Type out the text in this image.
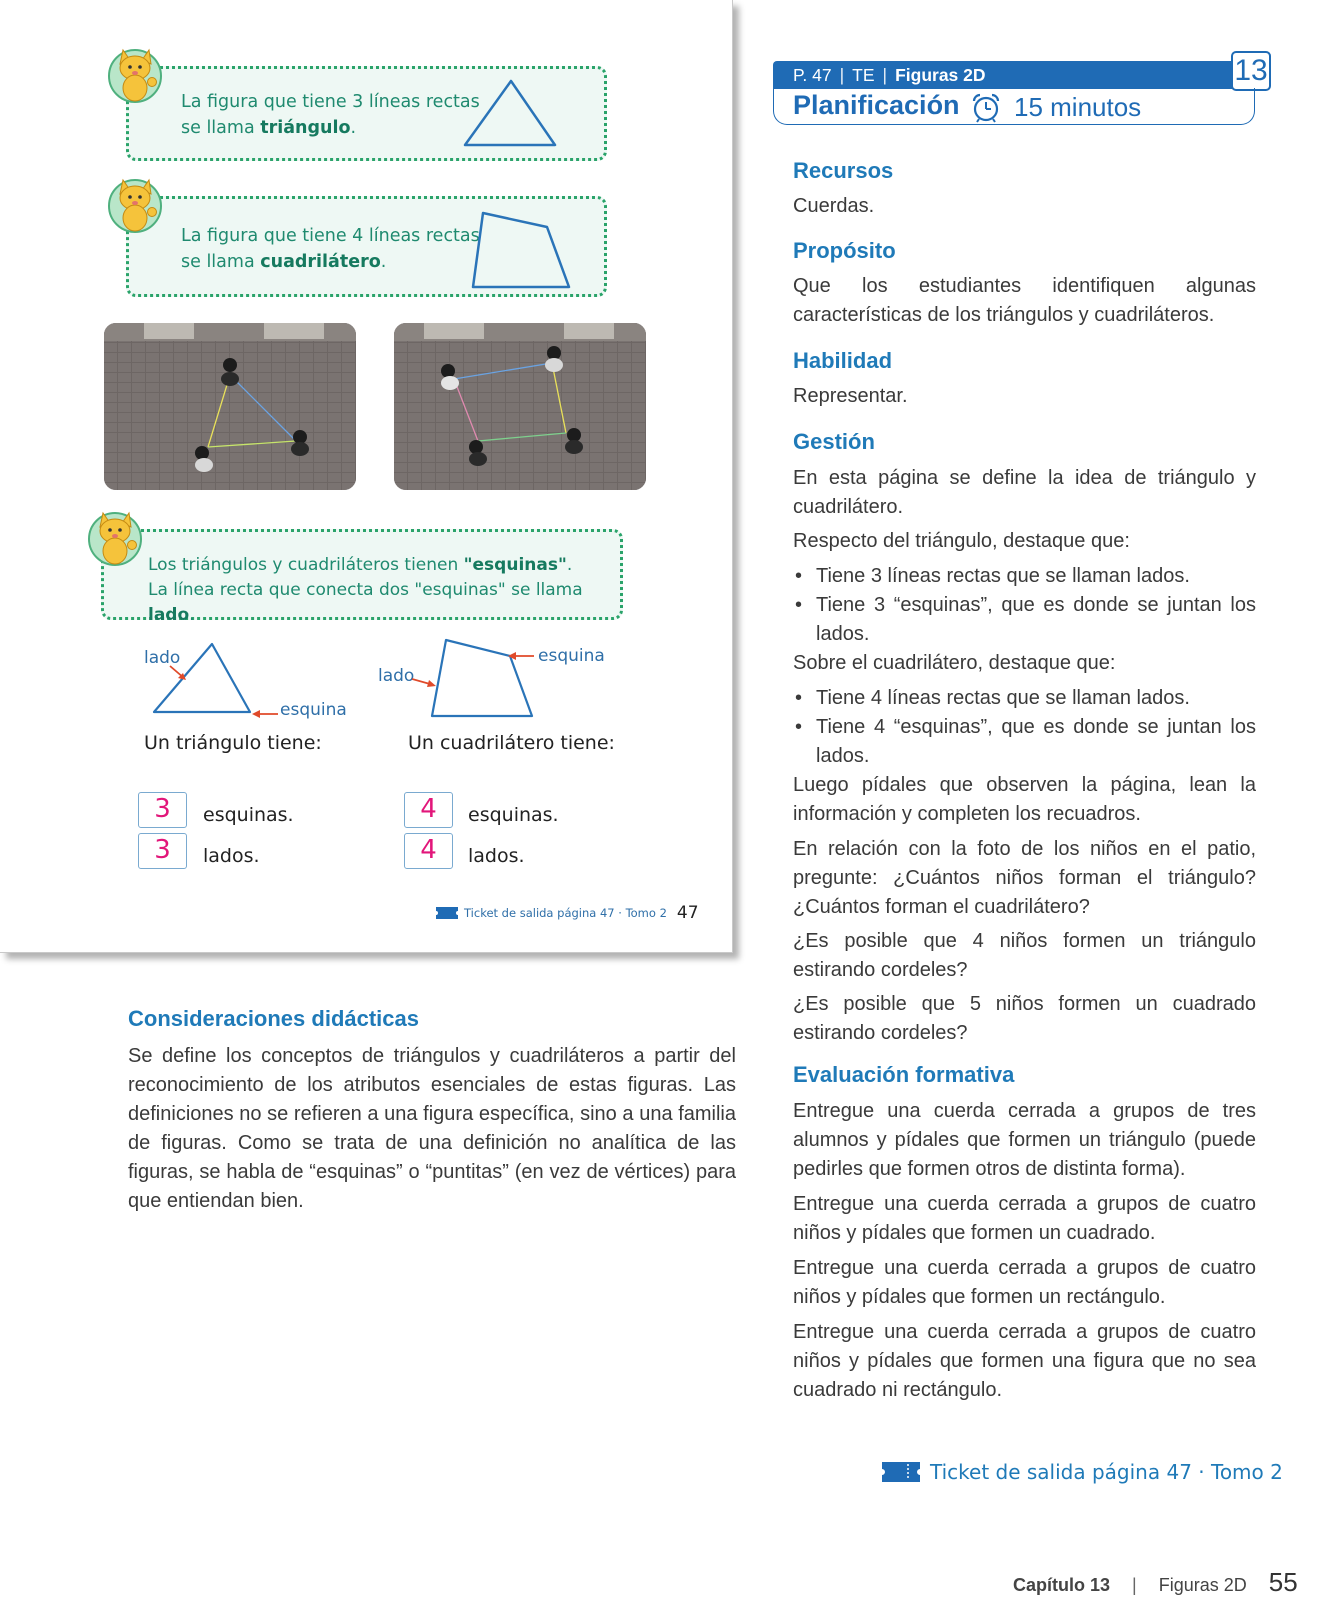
La figura que tiene 3 líneas rectas
se llama triángulo.
La figura que tiene 4 líneas rectas
se llama cuadrilátero.
Los triángulos y cuadriláteros tienen "esquinas".
La línea recta que conecta dos "esquinas" se llama lado.
lado
esquina
Un triángulo tiene:
lado
esquina
Un cuadrilátero tiene:
3	esquinas.
3	lados.
4	esquinas.
4	lados.
Ticket de salida página 47 · Tomo 2 47
Consideraciones didácticas
Se define los conceptos de triángulos y cuadriláteros a partir del reconocimiento de los atributos esenciales de estas figuras. Las definiciones no se refieren a una figura específica, sino a una familia de figuras. Como se trata de una definición no analítica de las figuras, se habla de “esquinas” o “puntitas” (en vez de vértices) para que entiendan bien.
P. 47 | TE | Figuras 2D	13
Planificación 15 minutos
Recursos
Cuerdas.
Propósito
Que los estudiantes identifiquen algunas características de los triángulos y cuadriláteros.
Habilidad
Representar.
Gestión
En esta página se define la idea de triángulo y cuadrilátero.
Respecto del triángulo, destaque que:
• Tiene 3 líneas rectas que se llaman lados.
• Tiene 3 “esquinas”, que es donde se juntan los lados.
Sobre el cuadrilátero, destaque que:
• Tiene 4 líneas rectas que se llaman lados.
• Tiene 4 “esquinas”, que es donde se juntan los lados.
Luego pídales que observen la página, lean la información y completen los recuadros.
En relación con la foto de los niños en el patio, pregunte: ¿Cuántos niños forman el triángulo? ¿Cuántos forman el cuadrilátero?
¿Es posible que 4 niños formen un triángulo estirando cordeles?
¿Es posible que 5 niños formen un cuadrado estirando cordeles?
Evaluación formativa
Entregue una cuerda cerrada a grupos de tres alumnos y pídales que formen un triángulo (puede pedirles que formen otros de distinta forma).
Entregue una cuerda cerrada a grupos de cuatro niños y pídales que formen un cuadrado.
Entregue una cuerda cerrada a grupos de cuatro niños y pídales que formen un rectángulo.
Entregue una cuerda cerrada a grupos de cuatro niños y pídales que formen una figura que no sea cuadrado ni rectángulo.
Ticket de salida página 47 · Tomo 2
Capítulo 13 | Figuras 2D 55
